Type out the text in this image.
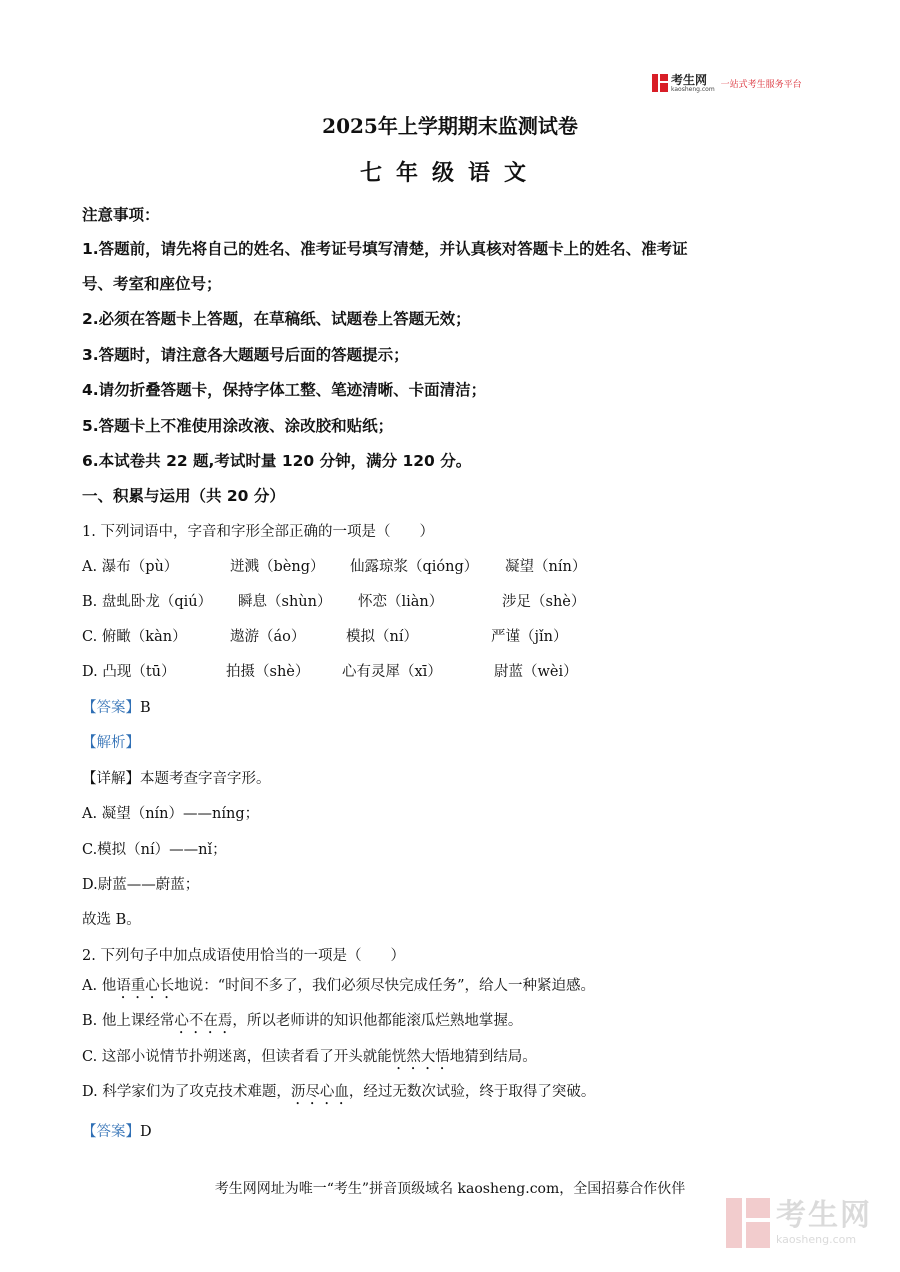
考生网
kaosheng.com 一站式考生服务平台
2025年上学期期末监测试卷
七年级语文
注意事项：
1.答题前，请先将自己的姓名、准考证号填写清楚，并认真核对答题卡上的姓名、准考证
号、考室和座位号；
2.必须在答题卡上答题，在草稿纸、试题卷上答题无效；
3.答题时，请注意各大题题号后面的答题提示；
4.请勿折叠答题卡，保持字体工整、笔迹清晰、卡面清洁；
5.答题卡上不准使用涂改液、涂改胶和贴纸；
6.本试卷共 22 题,考试时量 120 分钟，满分 120 分。
一、积累与运用（共 20 分）
1. 下列词语中，字音和字形全部正确的一项是（　　）
A. 瀑布（pù）	迸溅（bèng） 仙露琼浆（qióng） 凝望（nín）
B. 盘虬卧龙（qiú） 瞬息（shùn） 怀恋（liàn）	涉足（shè）
C. 俯瞰（kàn）	遨游（áo）	模拟（ní）	严谨（jǐn）
D. 凸现（tū）	拍摄（shè） 心有灵犀（xī）	尉蓝（wèi）
【答案】B
【解析】
【详解】本题考查字音字形。
A. 凝望（nín）——níng；
C.模拟（ní）——nǐ；
D.尉蓝——蔚蓝；
故选 B。
2. 下列句子中加点成语使用恰当的一项是（　　）
A. 他语重心长地说：“时间不多了，我们必须尽快完成任务”，给人一种紧迫感。
B. 他上课经常心不在焉，所以老师讲的知识他都能滚瓜烂熟地掌握。
C. 这部小说情节扑朔迷离，但读者看了开头就能恍然大悟地猜到结局。
D. 科学家们为了攻克技术难题，沥尽心血，经过无数次试验，终于取得了突破。
【答案】D
考生网网址为唯一“考生”拼音顶级域名 kaosheng.com，全国招募合作伙伴
考生网
kaosheng.com
